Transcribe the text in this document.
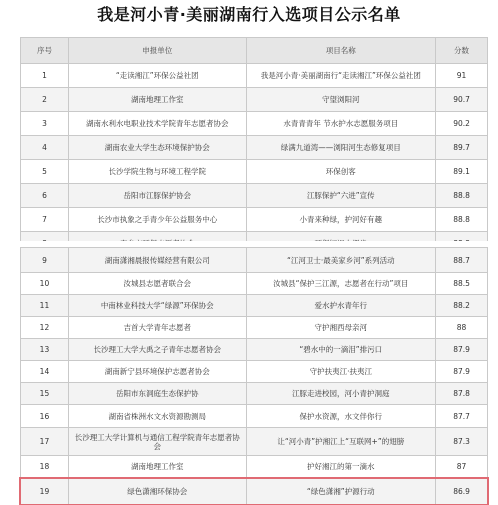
我是河小青·美丽湖南行入选项目公示名单
序号	申报单位	项目名称	分数
1	“走读湘江”环保公益社团	我是河小青·美丽湖南行“走读湘江”环保公益社团	91
2	湖南地理工作室	守望浏阳河	90.7
3	湖南水利水电职业技术学院青年志愿者协会	水青青青年 节水护水志愿服务项目	90.2
4	湖南农业大学生态环境保护协会	绿满九道湾——浏阳河生态修复项目	89.7
5	长沙学院生物与环境工程学院	环保创客	89.1
6	岳阳市江豚保护协会	江豚保护“六进”宣传	88.8
7	长沙市执象之手青少年公益服务中心	小青来种绿，护河好有趣	88.8
9	湖南潇湘晨报传媒经营有限公司	“江河卫士·最美家乡河”系列活动	88.7
10	汝城县志愿者联合会	汝城县“保护三江源，志愿者在行动”项目	88.5
11	中南林业科技大学“绿源”环保协会	爱水护水青年行	88.2
12	吉首大学青年志愿者	守护湘西母亲河	88
13	长沙理工大学大禹之子青年志愿者协会	“碧水中的一滴泪”排污口	87.9
14	湖南新宁县环境保护志愿者协会	守护扶夷江·扶夷江	87.9
15	岳阳市东洞庭生态保护协	江豚走进校园，河小青护洞庭	87.8
16	湖南省株洲水文水资源勘测局	保护水资源，水文伴你行	87.7
17	长沙理工大学计算机与通信工程学院青年志愿者协会	让“河小青”护湘江上“互联网+”的翅膀	87.3
18	湖南地理工作室	护好湘江的第一滴水	87
19	绿色潇湘环保协会	“绿色潇湘”护源行动	86.9
